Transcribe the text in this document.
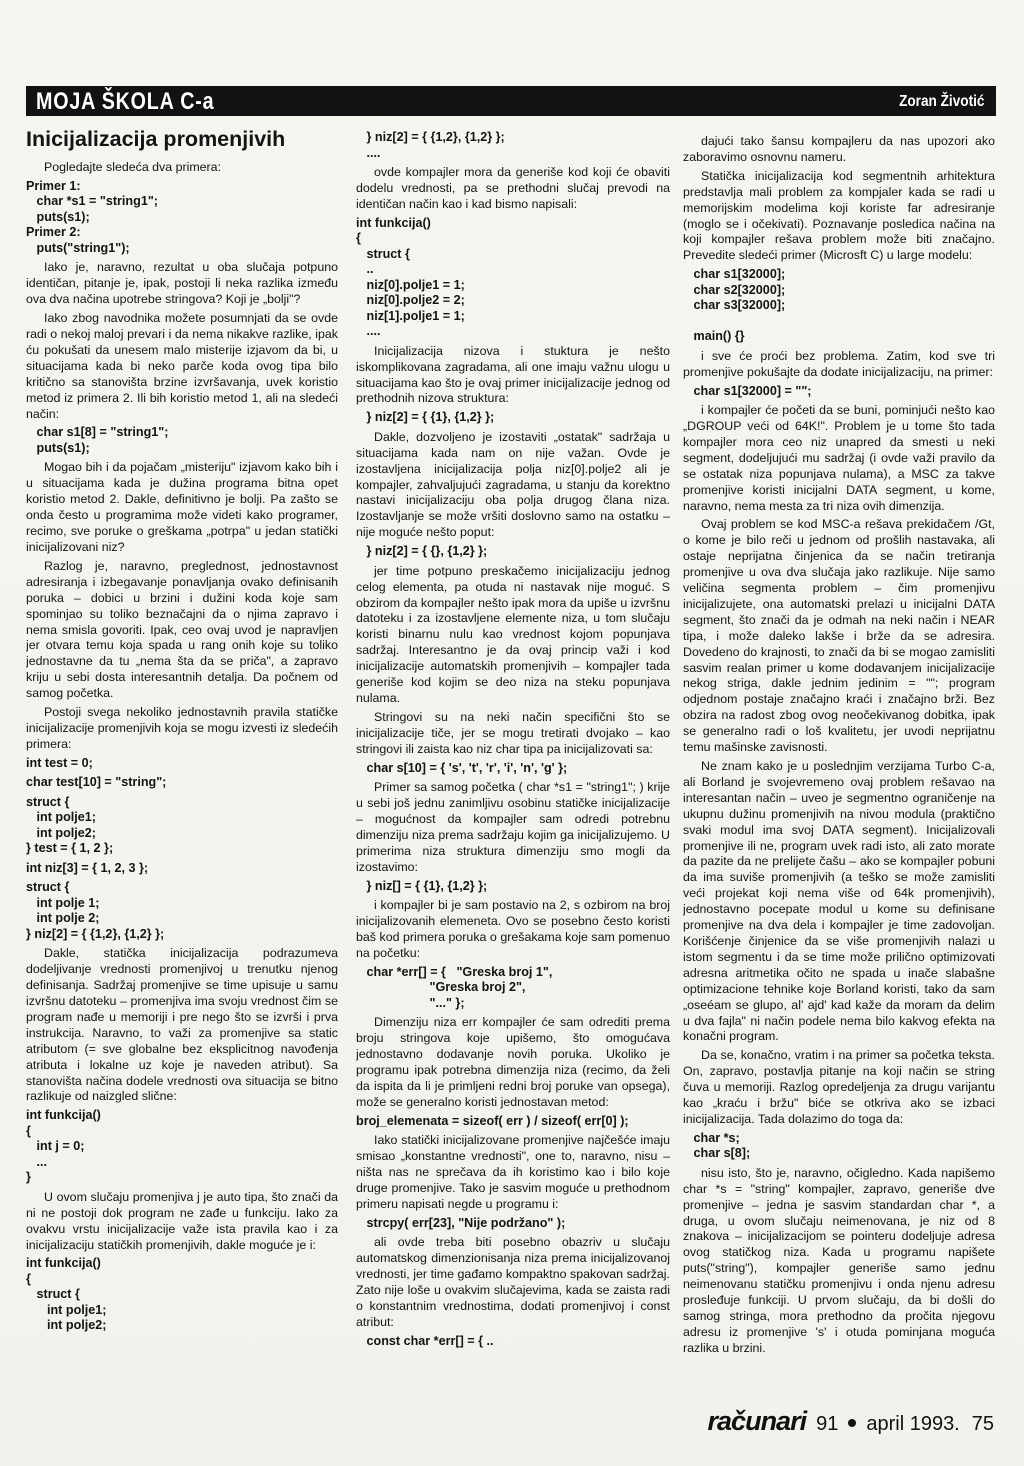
MOJA ŠKOLA C-a	Zoran Životić
Inicijalizacija promenjivih
Pogledajte sledeća dva primera:
Primer 1:
char *s1 = "string1";
puts(s1);
Primer 2:
puts("string1");
Iako je, naravno, rezultat u oba slučaja potpuno identičan, pitanje je, ipak, postoji li neka razlika između ova dva načina upotrebe stringova? Koji je „bolji"?
Iako zbog navodnika možete posumnjati da se ovde radi o nekoj maloj prevari i da nema nikakve razlike, ipak ću pokušati da unesem malo misterije izjavom da bi, u situacijama kada bi neko parče koda ovog tipa bilo kritično sa stanovišta brzine izvršavanja, uvek koristio metod iz primera 2. Ili bih koristio metod 1, ali na sledeći način:
char s1[8] = "string1";
puts(s1);
Mogao bih i da pojačam „misteriju" izjavom kako bih i u situacijama kada je dužina programa bitna opet koristio metod 2. Dakle, definitivno je bolji. Pa zašto se onda često u programima može videti kako programer, recimo, sve poruke o greškama „potrpa" u jedan statički inicijalizovani niz?
Razlog je, naravno, preglednost, jednostavnost adresiranja i izbegavanje ponavljanja ovako definisanih poruka – dobici u brzini i dužini koda koje sam spominjao su toliko beznačajni da o njima zapravo i nema smisla govoriti. Ipak, ceo ovaj uvod je napravljen jer otvara temu koja spada u rang onih koje su toliko jednostavne da tu „nema šta da se priča", a zapravo kriju u sebi dosta interesantnih detalja. Da počnem od samog početka.
Postoji svega nekoliko jednostavnih pravila statičke inicijalizacije promenjivih koja se mogu izvesti iz sledećih primera:
int test = 0;
char test[10] = "string";
struct {
int polje1;
int polje2;
} test = { 1, 2 };
int niz[3] = { 1, 2, 3 };
struct {
int polje 1;
int polje 2;
} niz[2] = { {1,2}, {1,2} };
Dakle, statička inicijalizacija podrazumeva dodeljivanje vrednosti promenjivoj u trenutku njenog definisanja. Sadržaj promenjive se time upisuje u samu izvršnu datoteku – promenjiva ima svoju vrednost čim se program nađe u memoriji i pre nego što se izvrši i prva instrukcija. Naravno, to važi za promenjive sa static atributom (= sve globalne bez eksplicitnog navođenja atributa i lokalne uz koje je naveden atribut). Sa stanovišta načina dodele vrednosti ova situacija se bitno razlikuje od naizgled slične:
int funkcija()
{
int j = 0;
...
}
U ovom slučaju promenjiva j je auto tipa, što znači da ni ne postoji dok program ne zađe u funkciju. Iako za ovakvu vrstu inicijalizacije važe ista pravila kao i za inicijalizaciju statičkih promenjivih, dakle moguće je i:
int funkcija()
{
struct {
int polje1;
int polje2;
} niz[2] = { {1,2}, {1,2} };
....
ovde kompajler mora da generiše kod koji će obaviti dodelu vrednosti, pa se prethodni slučaj prevodi na identičan način kao i kad bismo napisali:
int funkcija()
{
struct {
..
niz[0].polje1 = 1;
niz[0].polje2 = 2;
niz[1].polje1 = 1;
....
Inicijalizacija nizova i stuktura je nešto iskomplikovana zagradama, ali one imaju važnu ulogu u situacijama kao što je ovaj primer inicijalizacije jednog od prethodnih nizova struktura:
} niz[2] = { {1}, {1,2} };
Dakle, dozvoljeno je izostaviti „ostatak" sadržaja u situacijama kada nam on nije važan. Ovde je izostavljena inicijalizacija polja niz[0].polje2 ali je kompajler, zahvaljujući zagradama, u stanju da korektno nastavi inicijalizaciju oba polja drugog člana niza. Izostavljanje se može vršiti doslovno samo na ostatku – nije moguće nešto poput:
} niz[2] = { {}, {1,2} };
jer time potpuno preskačemo inicijalizaciju jednog celog elementa, pa otuda ni nastavak nije moguć. S obzirom da kompajler nešto ipak mora da upiše u izvršnu datoteku i za izostavljene elemente niza, u tom slučaju koristi binarnu nulu kao vrednost kojom popunjava sadržaj. Interesantno je da ovaj princip važi i kod inicijalizacije automatskih promenjivih – kompajler tada generiše kod kojim se deo niza na steku popunjava nulama.
Stringovi su na neki način specifični što se inicijalizacije tiče, jer se mogu tretirati dvojako – kao stringovi ili zaista kao niz char tipa pa inicijalizovati sa:
char s[10] = { 's', 't', 'r', 'i', 'n', 'g' };
Primer sa samog početka ( char *s1 = "string1"; ) krije u sebi još jednu zanimljivu osobinu statičke inicijalizacije – mogućnost da kompajler sam odredi potrebnu dimenziju niza prema sadržaju kojim ga inicijalizujemo. U primerima niza struktura dimenziju smo mogli da izostavimo:
} niz[] = { {1}, {1,2} };
i kompajler bi je sam postavio na 2, s ozbirom na broj inicijalizovanih elemeneta. Ovo se posebno često koristi baš kod primera poruka o grešakama koje sam pomenuo na početku:
char *err[] = {   "Greska broj 1",
"Greska broj 2",
"..." };
Dimenziju niza err kompajler će sam odrediti prema broju stringova koje upišemo, što omogućava jednostavno dodavanje novih poruka. Ukoliko je programu ipak potrebna dimenzija niza (recimo, da želi da ispita da li je primljeni redni broj poruke van opsega), može se generalno koristi jednostavan metod:
broj_elemenata = sizeof( err ) / sizeof( err[0] );
Iako statički inicijalizovane promenjive najčešće imaju smisao „konstantne vrednosti", one to, naravno, nisu – ništa nas ne sprečava da ih koristimo kao i bilo koje druge promenjive. Tako je sasvim moguće u prethodnom primeru napisati negde u programu i:
strcpy( err[23], "Nije podržano" );
ali ovde treba biti posebno obazriv u slučaju automatskog dimenzionisanja niza prema inicijalizovanoj vrednosti, jer time gađamo kompaktno spakovan sadržaj. Zato nije loše u ovakvim slučajevima, kada se zaista radi o konstantnim vrednostima, dodati promenjivoj i const atribut:
const char *err[] = { ..
dajući tako šansu kompajleru da nas upozori ako zaboravimo osnovnu nameru.
Statička inicijalizacija kod segmentnih arhitektura predstavlja mali problem za kompjaler kada se radi u memorijskim modelima koji koriste far adresiranje (moglo se i očekivati). Poznavanje posledica načina na koji kompajler rešava problem može biti značajno. Prevedite sledeći primer (Microsft C) u large modelu:
char s1[32000];
char s2[32000];
char s3[32000];

main() {}
i sve će proći bez problema. Zatim, kod sve tri promenjive pokušajte da dodate inicijalizaciju, na primer:
char s1[32000] = "";
i kompajler će početi da se buni, pominjući nešto kao „DGROUP veći od 64K!". Problem je u tome što tada kompajler mora ceo niz unapred da smesti u neki segment, dodeljujući mu sadržaj (i ovde važi pravilo da se ostatak niza popunjava nulama), a MSC za takve promenjive koristi inicijalni DATA segment, u kome, naravno, nema mesta za tri niza ovih dimenzija.
Ovaj problem se kod MSC-a rešava prekidačem /Gt, o kome je bilo reči u jednom od prošlih nastavaka, ali ostaje neprijatna činjenica da se način tretiranja promenjive u ova dva slučaja jako razlikuje. Nije samo veličina segmenta problem – čim promenjivu inicijalizujete, ona automatski prelazi u inicijalni DATA segment, što znači da je odmah na neki način i NEAR tipa, i može daleko lakše i brže da se adresira. Dovedeno do krajnosti, to znači da bi se mogao zamisliti sasvim realan primer u kome dodavanjem inicijalizacije nekog striga, dakle jednim jedinim = ""; program odjednom postaje značajno kraći i značajno brži. Bez obzira na radost zbog ovog neočekivanog dobitka, ipak se generalno radi o loš kvalitetu, jer uvodi neprijatnu temu mašinske zavisnosti.
Ne znam kako je u poslednjim verzijama Turbo C-a, ali Borland je svojevremeno ovaj problem rešavao na interesantan način – uveo je segmentno ograničenje na ukupnu dužinu promenjivih na nivou modula (praktično svaki modul ima svoj DATA segment). Inicijalizovali promenjive ili ne, program uvek radi isto, ali zato morate da pazite da ne prelijete čašu – ako se kompajler pobuni da ima suviše promenjivih (a teško se može zamisliti veći projekat koji nema više od 64k promenjivih), jednostavno pocepate modul u kome su definisane promenjive na dva dela i kompajler je time zadovoljan. Korišćenje činjenice da se više promenjivih nalazi u istom segmentu i da se time može prilično optimizovati adresna aritmetika očito ne spada u inače slabašne optimizacione tehnike koje Borland koristi, tako da sam „oseéam se glupo, al' ajd' kad kaže da moram da delim u dva fajla" ni način podele nema bilo kakvog efekta na konačni program.
Da se, konačno, vratim i na primer sa početka teksta. On, zapravo, postavlja pitanje na koji način se string čuva u memoriji. Razlog opredeljenja za drugu varijantu kao „kraću i bržu" biće se otkriva ako se izbaci inicijalizacija. Tada dolazimo do toga da:
char *s;
char s[8];
nisu isto, što je, naravno, očigledno. Kada napišemo char *s = "string" kompajler, zapravo, generiše dve promenjive – jedna je sasvim standardan char *, a druga, u ovom slučaju neimenovana, je niz od 8 znakova – inicijalizacijom se pointeru dodeljuje adresa ovog statičkog niza. Kada u programu napišete puts("string"), kompajler generiše samo jednu neimenovanu statičku promenjivu i onda njenu adresu prosleđuje funkciji. U prvom slučaju, da bi došli do samog stringa, mora prethodno da pročita njegovu adresu iz promenjive 's' i otuda pominjana moguća razlika u brzini.
računari 91 april 1993. 75
